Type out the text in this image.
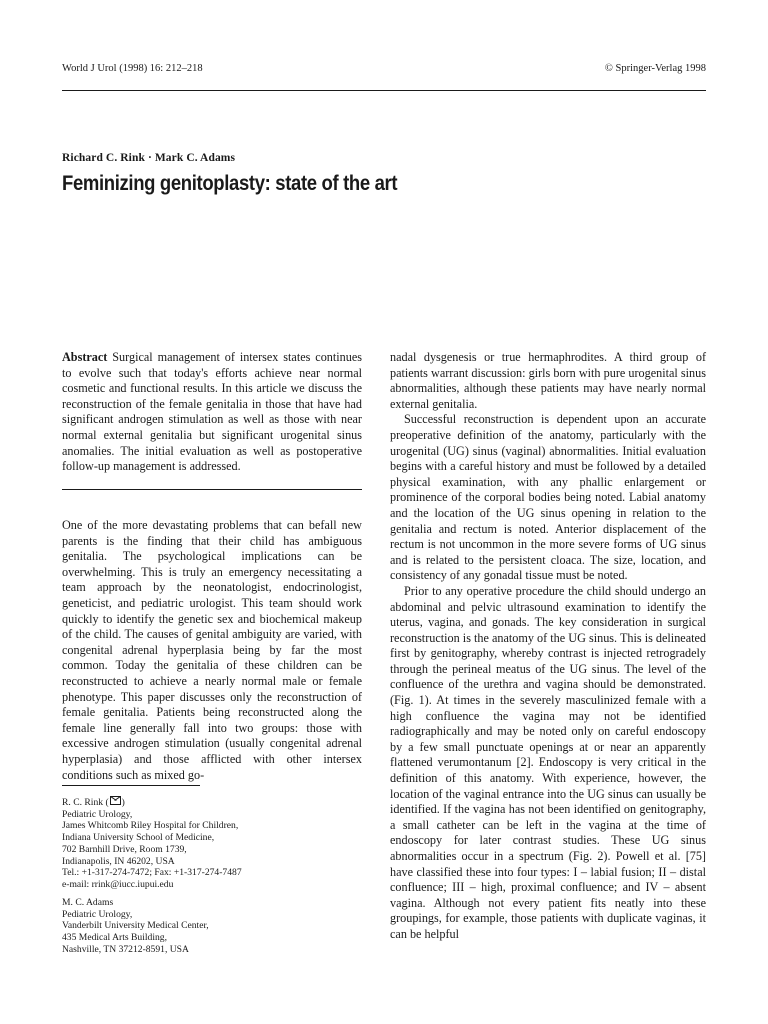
World J Urol (1998) 16: 212–218	© Springer-Verlag 1998
Richard C. Rink · Mark C. Adams
Feminizing genitoplasty: state of the art
Abstract Surgical management of intersex states continues to evolve such that today's efforts achieve near normal cosmetic and functional results. In this article we discuss the reconstruction of the female genitalia in those that have had significant androgen stimulation as well as those with near normal external genitalia but significant urogenital sinus anomalies. The initial evaluation as well as postoperative follow-up management is addressed.

One of the more devastating problems that can befall new parents is the finding that their child has ambiguous genitalia. The psychological implications can be overwhelming. This is truly an emergency necessitating a team approach by the neonatologist, endocrinologist, geneticist, and pediatric urologist. This team should work quickly to identify the genetic sex and biochemical makeup of the child. The causes of genital ambiguity are varied, with congenital adrenal hyperplasia being by far the most common. Today the genitalia of these children can be reconstructed to achieve a nearly normal male or female phenotype. This paper discusses only the reconstruction of female genitalia. Patients being reconstructed along the female line generally fall into two groups: those with excessive androgen stimulation (usually congenital adrenal hyperplasia) and those afflicted with other intersex conditions such as mixed go-

R. C. Rink ( )
Pediatric Urology,
James Whitcomb Riley Hospital for Children,
Indiana University School of Medicine,
702 Barnhill Drive, Room 1739,
Indianapolis, IN 46202, USA
Tel.: +1-317-274-7472; Fax: +1-317-274-7487
e-mail: rrink@iucc.iupui.edu
M. C. Adams
Pediatric Urology,
Vanderbilt University Medical Center,
435 Medical Arts Building,
Nashville, TN 37212-8591, USA

nadal dysgenesis or true hermaphrodites. A third group of patients warrant discussion: girls born with pure urogenital sinus abnormalities, although these patients may have nearly normal external genitalia.

Successful reconstruction is dependent upon an accurate preoperative definition of the anatomy, particularly with the urogenital (UG) sinus (vaginal) abnormalities. Initial evaluation begins with a careful history and must be followed by a detailed physical examination, with any phallic enlargement or prominence of the corporal bodies being noted. Labial anatomy and the location of the UG sinus opening in relation to the genitalia and rectum is noted. Anterior displacement of the rectum is not uncommon in the more severe forms of UG sinus and is related to the persistent cloaca. The size, location, and consistency of any gonadal tissue must be noted.

Prior to any operative procedure the child should undergo an abdominal and pelvic ultrasound examination to identify the uterus, vagina, and gonads. The key consideration in surgical reconstruction is the anatomy of the UG sinus. This is delineated first by genitography, whereby contrast is injected retrogradely through the perineal meatus of the UG sinus. The level of the confluence of the urethra and vagina should be demonstrated. (Fig. 1). At times in the severely masculinized female with a high confluence the vagina may not be identified radiographically and may be noted only on careful endoscopy by a few small punctuate openings at or near an apparently flattened verumontanum [2]. Endoscopy is very critical in the definition of this anatomy. With experience, however, the location of the vaginal entrance into the UG sinus can usually be identified. If the vagina has not been identified on genitography, a small catheter can be left in the vagina at the time of endoscopy for later contrast studies. These UG sinus abnormalities occur in a spectrum (Fig. 2). Powell et al. [75] have classified these into four types: I – labial fusion; II – distal confluence; III – high, proximal confluence; and IV – absent vagina. Although not every patient fits neatly into these groupings, for example, those patients with duplicate vaginas, it can be helpful
